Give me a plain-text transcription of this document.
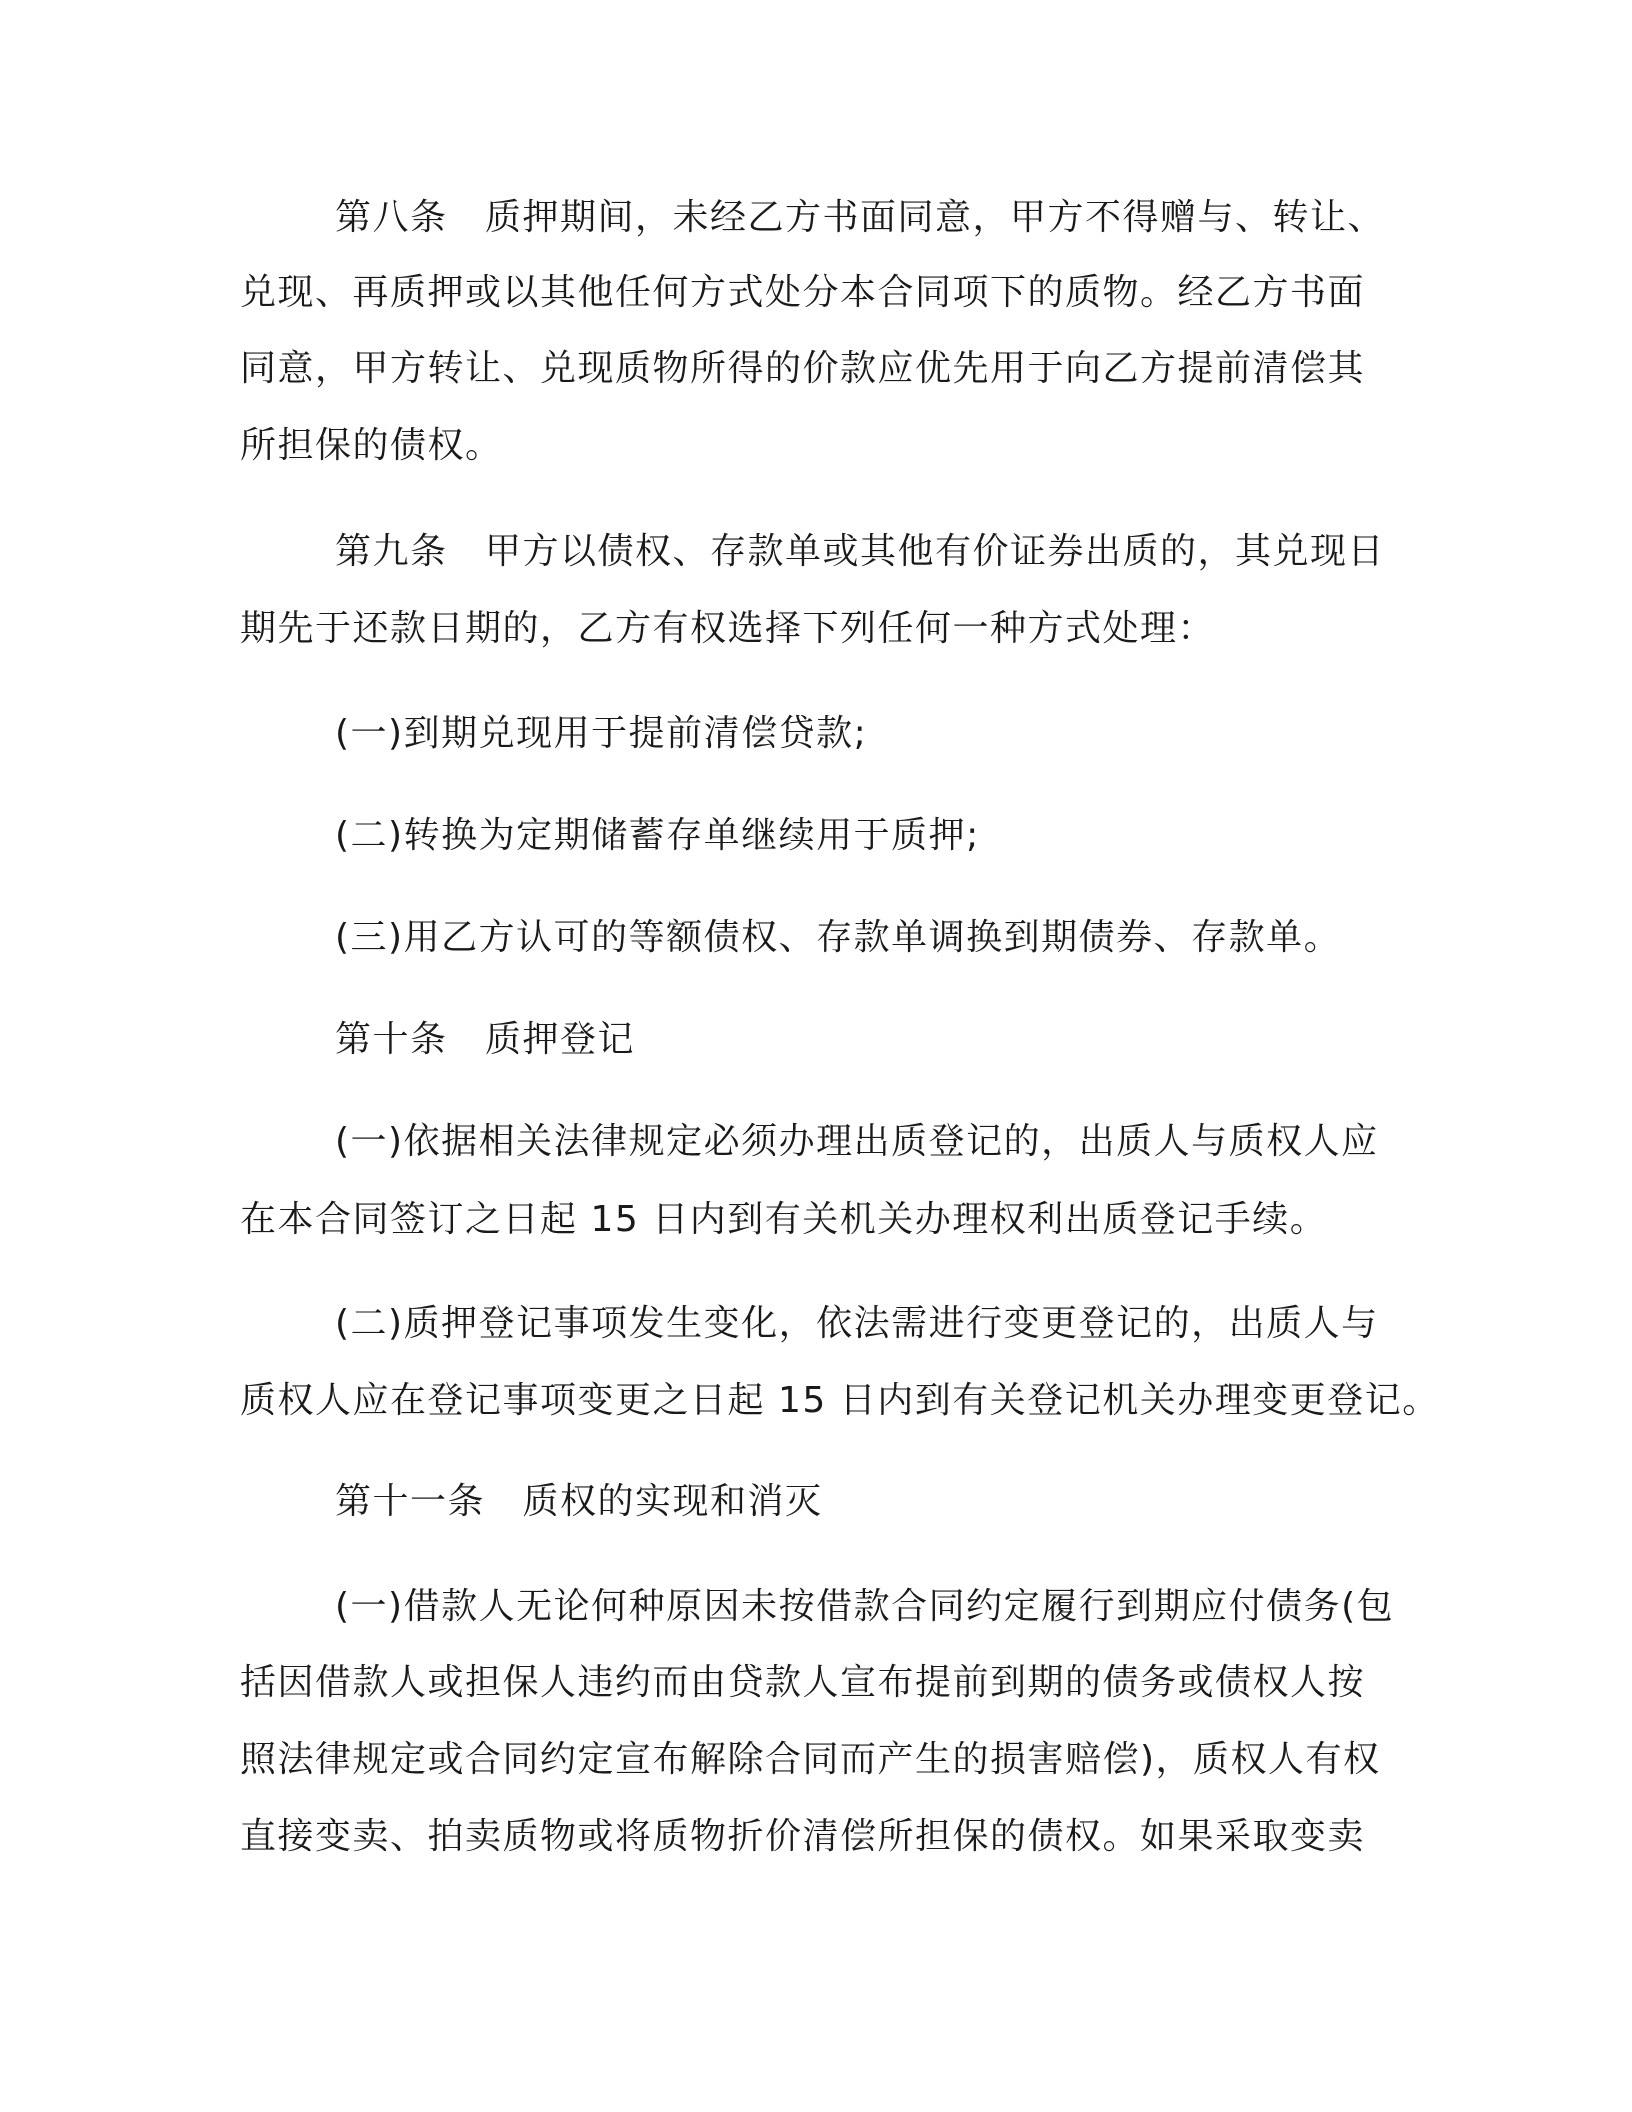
第八条　质押期间，未经乙方书面同意，甲方不得赠与、转让、
兑现、再质押或以其他任何方式处分本合同项下的质物。经乙方书面
同意，甲方转让、兑现质物所得的价款应优先用于向乙方提前清偿其
所担保的债权。
第九条　甲方以债权、存款单或其他有价证券出质的，其兑现日
期先于还款日期的，乙方有权选择下列任何一种方式处理：
(一)到期兑现用于提前清偿贷款;
(二)转换为定期储蓄存单继续用于质押;
(三)用乙方认可的等额债权、存款单调换到期债券、存款单。
第十条　质押登记
(一)依据相关法律规定必须办理出质登记的，出质人与质权人应
在本合同签订之日起 15 日内到有关机关办理权利出质登记手续。
(二)质押登记事项发生变化，依法需进行变更登记的，出质人与
质权人应在登记事项变更之日起 15 日内到有关登记机关办理变更登记。
第十一条　质权的实现和消灭
(一)借款人无论何种原因未按借款合同约定履行到期应付债务(包
括因借款人或担保人违约而由贷款人宣布提前到期的债务或债权人按
照法律规定或合同约定宣布解除合同而产生的损害赔偿)，质权人有权
直接变卖、拍卖质物或将质物折价清偿所担保的债权。如果采取变卖
